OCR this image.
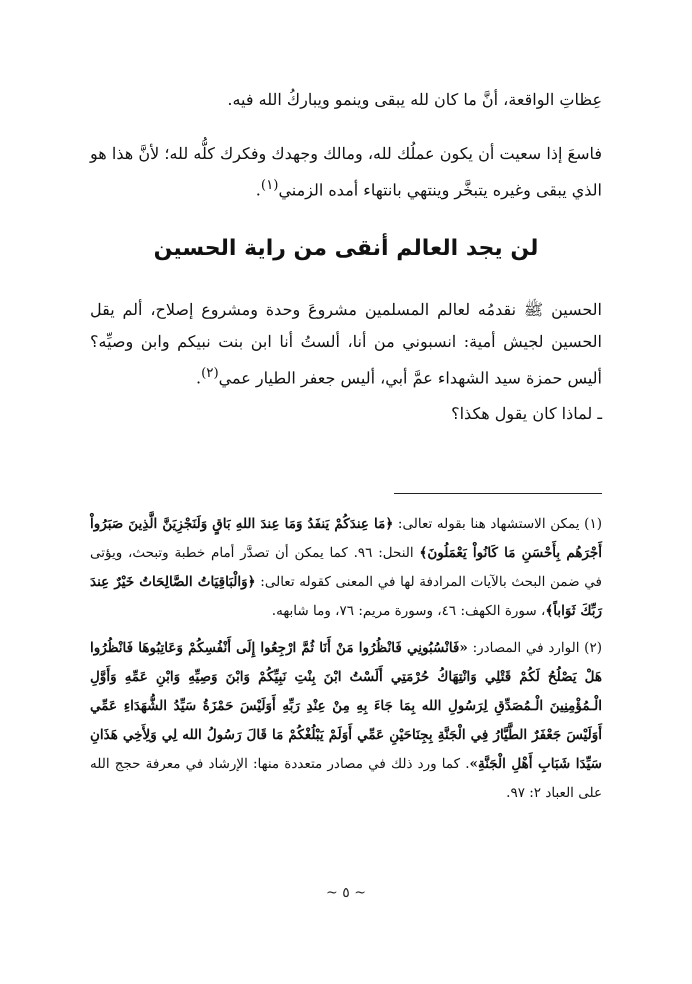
عِظاتِ الواقعة، أنَّ ما كان لله يبقى وينمو ويباركُ الله فيه.

فاسعَ إذا سعيت أن يكون عملُك لله، ومالك وجهدك وفكرك كلُّه لله؛ لأنَّ هذا هو الذي يبقى وغيره يتبخَّر وينتهي بانتهاء أمده الزمني$^{(١)}$.

لن يجد العالم أنقى من راية الحسين

الحسين ﷺ نقدمُه لعالم المسلمين مشروعَ وحدة ومشروع إصلاح، ألم يقل الحسين لجيش أمية: انسبوني من أنا، ألستُ أنا ابن بنت نبيكم وابن وصيِّه؟ أليس حمزة سيد الشهداء عمَّ أبي، أليس جعفر الطيار عمي$^{(٢)}$.

ـ لماذا كان يقول هكذا؟

(١) يمكن الاستشهاد هنا بقوله تعالى: ﴿مَا عِندَكُمْ يَنفَدُ وَمَا عِندَ اللهِ بَاقٍ وَلَنَجْزِيَنَّ الَّذِينَ صَبَرُواْ أَجْرَهُم بِأَحْسَنِ مَا كَانُواْ يَعْمَلُونَ﴾ النحل: ٩٦. كما يمكن أن تصدَّر أمام خطبة وتبحث، ويؤتى في ضمن البحث بالآيات المرادفة لها في المعنى كقوله تعالى: ﴿وَالْبَاقِيَاتُ الصَّالِحَاتُ خَيْرٌ عِندَ رَبِّكَ ثَوَاباً﴾، سورة الكهف: ٤٦، وسورة مريم: ٧٦، وما شابهه.
(٢) الوارد في المصادر: «فَانْسُبُونِي فَانْظُرُوا مَنْ أَنَا ثُمَّ ارْجِعُوا إِلَى أَنْفُسِكُمْ وَعَاتِبُوهَا فَانْظُرُوا هَلْ يَصْلُحُ لَكُمْ قَتْلِي وَانْتِهَاكُ حُرْمَتِي أَلَسْتُ ابْنَ بِنْتِ نَبِيِّكُمْ وَابْنَ وَصِيِّهِ وَابْنِ عَمِّهِ وَأَوَّلِ الْـمُؤْمِنِينَ الْـمُصَدِّقِ لِرَسُولِ الله بِمَا جَاءَ بِهِ مِنْ عِنْدِ رَبِّهِ أَوَلَيْسَ حَمْزَةُ سَيِّدُ الشُّهَدَاءِ عَمِّي أَوَلَيْسَ جَعْفَرٌ الطَّيَّارُ فِي الْجَنَّةِ بِجِنَاحَيْنِ عَمِّي أَوَلَمْ يَبْلُغْكُمْ مَا قَالَ رَسُولُ الله لِي وَلِأَخِي هَذَانِ سَيِّدَا شَبَابِ أَهْلِ الْجَنَّةِ». كما ورد ذلك في مصادر متعددة منها: الإرشاد في معرفة حجج الله على العباد ٢: ٩٧.
~ ٥ ~
